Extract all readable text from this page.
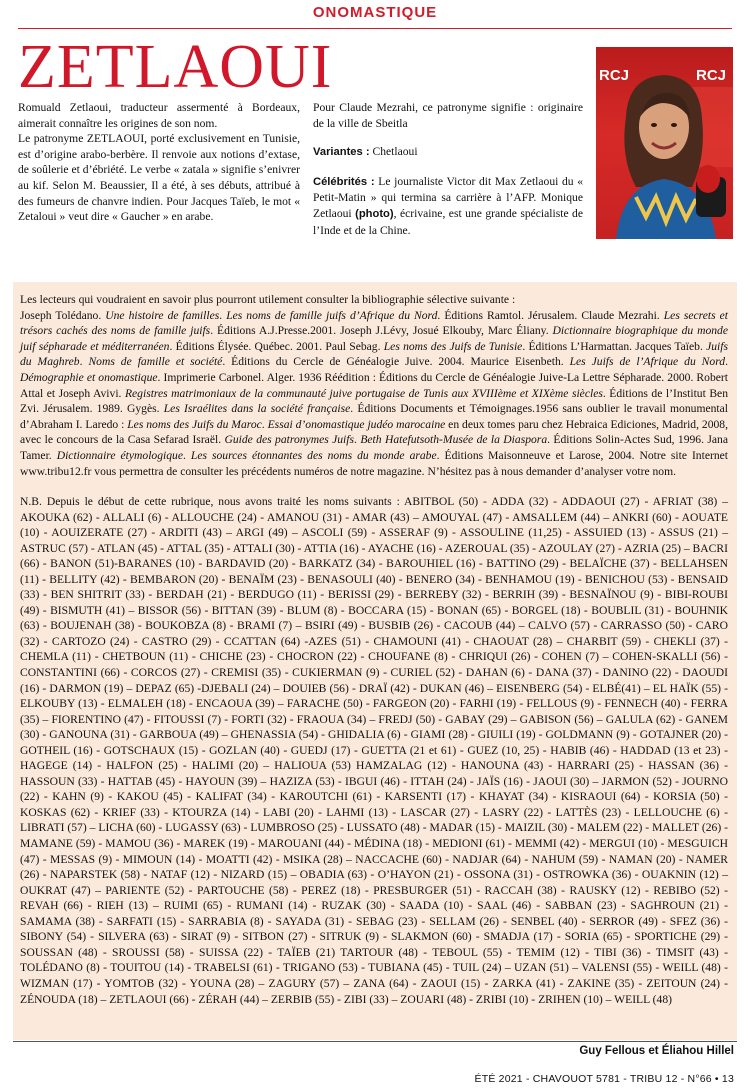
ONOMASTIQUE
ZETLAOUI
Romuald Zetlaoui, traducteur assermenté à Bordeaux, aimerait connaître les origines de son nom.
Le patronyme ZETLAOUI, porté exclusivement en Tunisie, est d’origine arabo-berbère. Il renvoie aux notions d’extase, de soûlerie et d’ébriété. Le verbe « zatala » signifie s’enivrer au kif. Selon M. Beaussier, Il a été, à ses débuts, attribué à des fumeurs de chanvre indien. Pour Jacques Taïeb, le mot « Zetaloui » veut dire « Gaucher » en arabe.

Pour Claude Mezrahi, ce patronyme signifie : originaire de la ville de Sbeitla

Variantes : Chetlaoui

Célébrités : Le journaliste Victor dit Max Zetlaoui du « Petit-Matin » qui termina sa carrière à l’AFP. Monique Zetlaoui (photo), écrivaine, est une grande spécialiste de l’Inde et de la Chine.

RCJ	RCJ

Les lecteurs qui voudraient en savoir plus pourront utilement consulter la bibliographie sélective suivante :

Joseph Tolédano. Une histoire de familles. Les noms de famille juifs d’Afrique du Nord. Éditions Ramtol. Jérusalem. Claude Mezrahi. Les secrets et trésors cachés des noms de famille juifs. Éditions A.J.Presse.2001. Joseph J.Lévy, Josué Elkouby, Marc Éliany. Dictionnaire biographique du monde juif sépharade et méditerranéen. Éditions Élysée. Québec. 2001. Paul Sebag. Les noms des Juifs de Tunisie. Éditions L’Harmattan. Jacques Taïeb. Juifs du Maghreb. Noms de famille et société. Éditions du Cercle de Généalogie Juive. 2004. Maurice Eisenbeth. Les Juifs de l’Afrique du Nord. Démographie et onomastique. Imprimerie Carbonel. Alger. 1936 Réédition : Éditions du Cercle de Généalogie Juive-La Lettre Sépharade. 2000. Robert Attal et Joseph Avivi. Registres matrimoniaux de la communauté juive portugaise de Tunis aux XVIIIème et XIXème siècles. Éditions de l’Institut Ben Zvi. Jérusalem. 1989. Gygès. Les Israélites dans la société française. Éditions Documents et Témoignages.1956 sans oublier le travail monumental d’Abraham I. Laredo : Les noms des Juifs du Maroc. Essai d’onomastique judéo marocaine en deux tomes paru chez Hebraica Ediciones, Madrid, 2008, avec le concours de la Casa Sefarad Israël. Guide des patronymes Juifs. Beth Hatefutsoth-Musée de la Diaspora. Éditions Solin-Actes Sud, 1996. Jana Tamer. Dictionnaire étymologique. Les sources étonnantes des noms du monde arabe. Éditions Maisonneuve et Larose, 2004. Notre site Internet www.tribu12.fr vous permettra de consulter les précédents numéros de notre magazine. N’hésitez pas à nous demander d’analyser votre nom.

N.B. Depuis le début de cette rubrique, nous avons traité les noms suivants : ABITBOL (50) - ADDA (32) - ADDAOUI (27) - AFRIAT (38) – AKOUKA (62) - ALLALI (6) - ALLOUCHE (24) - AMANOU (31) - AMAR (43) – AMOUYAL (47) - AMSALLEM (44) – ANKRI (60) - AOUATE (10) - AOUIZERATE (27) - ARDITI (43) – ARGI (49) – ASCOLI (59) - ASSERAF (9) - ASSOULINE (11,25) - ASSUIED (13) - ASSUS (21) – ASTRUC (57) - ATLAN (45) - ATTAL (35) - ATTALI (30) - ATTIA (16) - AYACHE (16) - AZEROUAL (35) - AZOULAY (27) - AZRIA (25) – BACRI (66) - BANON (51)-BARANES (10) - BARDAVID (20) - BARKATZ (34) - BAROUHIEL (16) - BATTINO (29) - BELAÏCHE (37) - BELLAHSEN (11) - BELLITY (42) - BEMBARON (20) - BENAÏM (23) - BENASOULI (40) - BENERO (34) - BENHAMOU (19) - BENICHOU (53) - BENSAID (33) - BEN SHITRIT (33) - BERDAH (21) - BERDUGO (11) - BERISSI (29) - BERREBY (32) - BERRIH (39) - BESNAÏNOU (9) - BIBI-ROUBI (49) - BISMUTH (41) – BISSOR (56) - BITTAN (39) - BLUM (8) - BOCCARA (15) - BONAN (65) - BORGEL (18) - BOUBLIL (31) - BOUHNIK (63) - BOUJENAH (38) - BOUKOBZA (8) - BRAMI (7) – BSIRI (49) - BUSBIB (26) - CACOUB (44) – CALVO (57) - CARRASSO (50) - CARO (32) - CARTOZO (24) - CASTRO (29) - CCATTAN (64) -AZES (51) - CHAMOUNI (41) - CHAOUAT (28) – CHARBIT (59) - CHEKLI (37) - CHEMLA (11) - CHETBOUN (11) - CHICHE (23) - CHOCRON (22) - CHOUFANE (8) - CHRIQUI (26) - COHEN (7) – COHEN-SKALLI (56) - CONSTANTINI (66) - CORCOS (27) - CREMISI (35) - CUKIERMAN (9) - CURIEL (52) - DAHAN (6) - DANA (37) - DANINO (22) - DAOUDI (16) - DARMON (19) – DEPAZ (65) -DJEBALI (24) – DOUIEB (56) - DRAÏ (42) - DUKAN (46) – EISENBERG (54) - ELBÉ(41) – EL HAÏK (55) - ELKOUBY (13) - ELMALEH (18) - ENCAOUA (39) – FARACHE (50) - FARGEON (20) - FARHI (19) - FELLOUS (9) - FENNECH (40) - FERRA (35) – FIORENTINO (47) - FITOUSSI (7) - FORTI (32) - FRAOUA (34) – FREDJ (50) - GABAY (29) – GABISON (56) – GALULA (62) - GANEM (30) - GANOUNA (31) - GARBOUA (49) – GHENASSIA (54) - GHIDALIA (6) - GIAMI (28) - GIUILI (19) - GOLDMANN (9) - GOTAJNER (20) - GOTHEIL (16) - GOTSCHAUX (15) - GOZLAN (40) - GUEDJ (17) - GUETTA (21 et 61) - GUEZ (10, 25) - HABIB (46) - HADDAD (13 et 23) - HAGEGE (14) - HALFON (25) - HALIMI (20) – HALIOUA (53) HAMZALAG (12) - HANOUNA (43) - HARRARI (25) - HASSAN (36) - HASSOUN (33) - HATTAB (45) - HAYOUN (39) – HAZIZA (53) - IBGUI (46) - ITTAH (24) - JAÏS (16) - JAOUI (30) – JARMON (52) - JOURNO (22) - KAHN (9) - KAKOU (45) - KALIFAT (34) - KAROUTCHI (61) - KARSENTI (17) - KHAYAT (34) - KISRAOUI (64) - KORSIA (50) - KOSKAS (62) - KRIEF (33) - KTOURZA (14) - LABI (20) - LAHMI (13) - LASCAR (27) - LASRY (22) - LATTÈS (23) - LELLOUCHE (6) - LIBRATI (57) – LICHA (60) - LUGASSY (63) - LUMBROSO (25) - LUSSATO (48) - MADAR (15) - MAIZIL (30) - MALEM (22) - MALLET (26) - MAMANE (59) - MAMOU (36) - MAREK (19) - MAROUANI (44) - MÉDINA (18) - MEDIONI (61) - MEMMI (42) - MERGUI (10) - MESGUICH (47) - MESSAS (9) - MIMOUN (14) - MOATTI (42) - MSIKA (28) – NACCACHE (60) - NADJAR (64) - NAHUM (59) - NAMAN (20) - NAMER (26) - NAPARSTEK (58) - NATAF (12) - NIZARD (15) – OBADIA (63) - O’HAYON (21) - OSSONA (31) - OSTROWKA (36) - OUAKNIN (12) – OUKRAT (47) – PARIENTE (52) - PARTOUCHE (58) - PEREZ (18) - PRESBURGER (51) - RACCAH (38) - RAUSKY (12) - REBIBO (52) - REVAH (66) - RIEH (13) – RUIMI (65) - RUMANI (14) - RUZAK (30) - SAADA (10) - SAAL (46) - SABBAN (23) - SAGHROUN (21) - SAMAMA (38) - SARFATI (15) - SARRABIA (8) - SAYADA (31) - SEBAG (23) - SELLAM (26) - SENBEL (40) - SERROR (49) - SFEZ (36) - SIBONY (54) - SILVERA (63) - SIRAT (9) - SITBON (27) - SITRUK (9) - SLAKMON (60) - SMADJA (17) - SORIA (65) - SPORTICHE (29) - SOUSSAN (48) - SROUSSI (58) - SUISSA (22) - TAÏEB (21) TARTOUR (48) - TEBOUL (55) - TEMIM (12) - TIBI (36) - TIMSIT (43) - TOLÉDANO (8) - TOUITOU (14) - TRABELSI (61) - TRIGANO (53) - TUBIANA (45) - TUIL (24) – UZAN (51) – VALENSI (55) - WEILL (48) - WIZMAN (17) - YOMTOB (32) - YOUNA (28) – ZAGURY (57) – ZANA (64) - ZAOUI (15) - ZARKA (41) - ZAKINE (35) - ZEITOUN (24) - ZÉNOUDA (18) – ZETLAOUI (66) - ZÉRAH (44) – ZERBIB (55) - ZIBI (33) – ZOUARI (48) - ZRIBI (10) - ZRIHEN (10) – WEILL (48)
Guy Fellous et Éliahou Hillel
ÉTÉ 2021 - CHAVOUOT 5781 - TRIBU 12 - N°66 • 13
